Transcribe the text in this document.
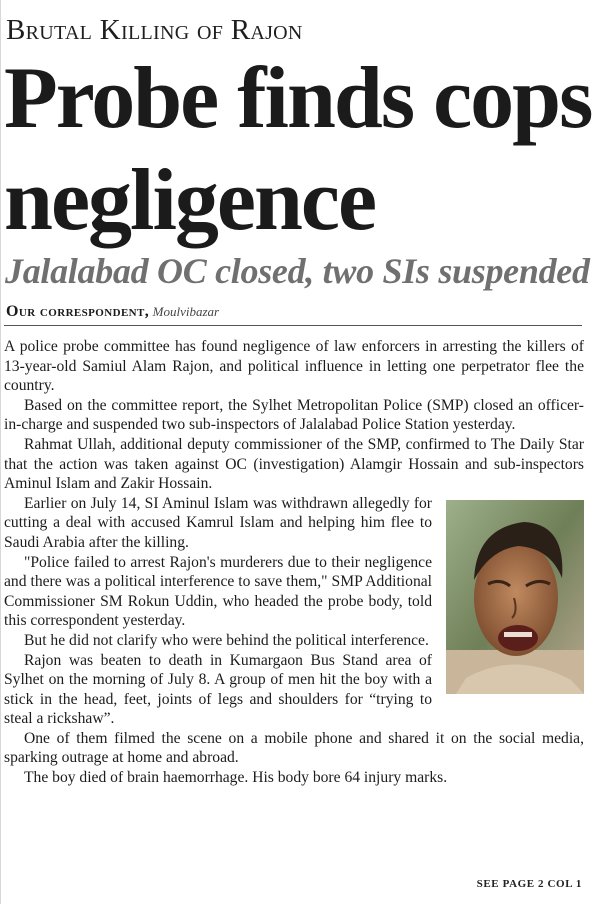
Brutal Killing of Rajon
Probe finds cops
negligence
Jalalabad OC closed, two SIs suspended
Our correspondent, Moulvibazar

A police probe committee has found negligence of law enforcers in arresting the killers of 13-year-old Samiul Alam Rajon, and political influence in letting one perpetrator flee the country.

Based on the committee report, the Sylhet Metropolitan Police (SMP) closed an officer-in-charge and suspended two sub-inspectors of Jalalabad Police Station yesterday.

Rahmat Ullah, additional deputy commissioner of the SMP, confirmed to The Daily Star that the action was taken against OC (investigation) Alamgir Hossain and sub-inspectors Aminul Islam and Zakir Hossain.

Earlier on July 14, SI Aminul Islam was withdrawn allegedly for cutting a deal with accused Kamrul Islam and helping him flee to Saudi Arabia after the killing.

"Police failed to arrest Rajon's murderers due to their negligence and there was a political interference to save them," SMP Additional Commissioner SM Rokun Uddin, who headed the probe body, told this correspondent yesterday.

But he did not clarify who were behind the political interference.

Rajon was beaten to death in Kumargaon Bus Stand area of Sylhet on the morning of July 8. A group of men hit the boy with a stick in the head, feet, joints of legs and shoulders for “trying to steal a rickshaw”.

One of them filmed the scene on a mobile phone and shared it on the social media, sparking outrage at home and abroad.

The boy died of brain haemorrhage. His body bore 64 injury marks.

SEE PAGE 2 COL 1
